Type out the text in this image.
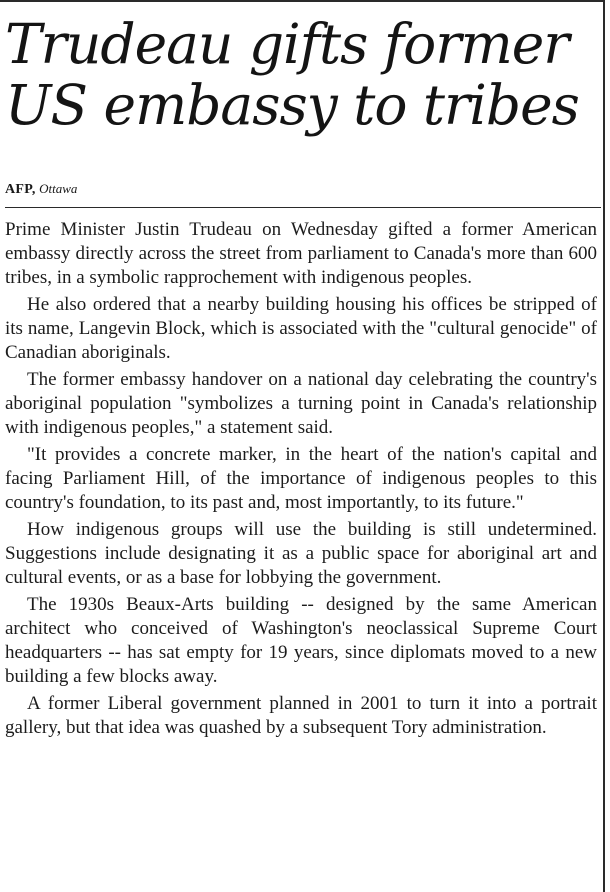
Trudeau gifts former
US embassy to tribes
AFP, Ottawa

Prime Minister Justin Trudeau on Wednesday gifted a former American embassy directly across the street from parliament to Canada's more than 600 tribes, in a symbolic rapprochement with indigenous peoples.

He also ordered that a nearby building housing his offices be stripped of its name, Langevin Block, which is associated with the "cultural genocide" of Canadian aboriginals.

The former embassy handover on a national day celebrating the country's aboriginal population "symbolizes a turning point in Canada's relationship with indigenous peoples," a statement said.

"It provides a concrete marker, in the heart of the nation's capital and facing Parliament Hill, of the importance of indigenous peoples to this country's foundation, to its past and, most importantly, to its future."

How indigenous groups will use the building is still undetermined. Suggestions include designating it as a public space for aboriginal art and cultural events, or as a base for lobbying the government.

The 1930s Beaux-Arts building -- designed by the same American architect who conceived of Washington's neoclassical Supreme Court headquarters -- has sat empty for 19 years, since diplomats moved to a new building a few blocks away.

A former Liberal government planned in 2001 to turn it into a portrait gallery, but that idea was quashed by a subsequent Tory administration.
